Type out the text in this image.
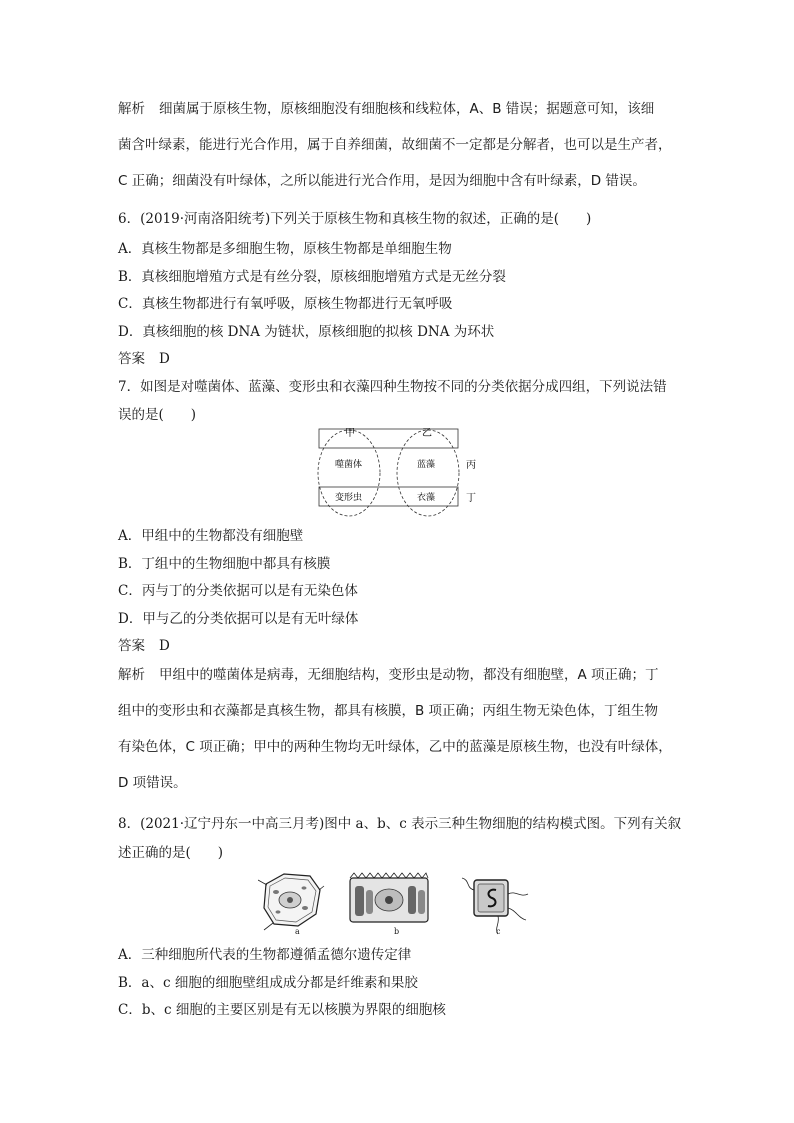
解析 细菌属于原核生物，原核细胞没有细胞核和线粒体，A、B 错误；据题意可知，该细
菌含叶绿素，能进行光合作用，属于自养细菌，故细菌不一定都是分解者，也可以是生产者，
C 正确；细菌没有叶绿体，之所以能进行光合作用，是因为细胞中含有叶绿素，D 错误。
6．(2019·河南洛阳统考)下列关于原核生物和真核生物的叙述，正确的是(　　)
A．真核生物都是多细胞生物，原核生物都是单细胞生物
B．真核细胞增殖方式是有丝分裂，原核细胞增殖方式是无丝分裂
C．真核生物都进行有氧呼吸，原核生物都进行无氧呼吸
D．真核细胞的核 DNA 为链状，原核细胞的拟核 DNA 为环状
答案 D
7．如图是对噬菌体、蓝藻、变形虫和衣藻四种生物按不同的分类依据分成四组，下列说法错
误的是(　　)
甲	乙
噬菌体	蓝藻
变形虫	衣藻
丙
丁
A．甲组中的生物都没有细胞壁
B．丁组中的生物细胞中都具有核膜
C．丙与丁的分类依据可以是有无染色体
D．甲与乙的分类依据可以是有无叶绿体
答案 D
解析 甲组中的噬菌体是病毒，无细胞结构，变形虫是动物，都没有细胞壁，A 项正确；丁
组中的变形虫和衣藻都是真核生物，都具有核膜，B 项正确；丙组生物无染色体，丁组生物
有染色体，C 项正确；甲中的两种生物均无叶绿体，乙中的蓝藻是原核生物，也没有叶绿体，
D 项错误。
8．(2021·辽宁丹东一中高三月考)图中 a、b、c 表示三种生物细胞的结构模式图。下列有关叙
述正确的是(　　)
a	b	c
A．三种细胞所代表的生物都遵循孟德尔遗传定律
B．a、c 细胞的细胞壁组成成分都是纤维素和果胶
C．b、c 细胞的主要区别是有无以核膜为界限的细胞核
